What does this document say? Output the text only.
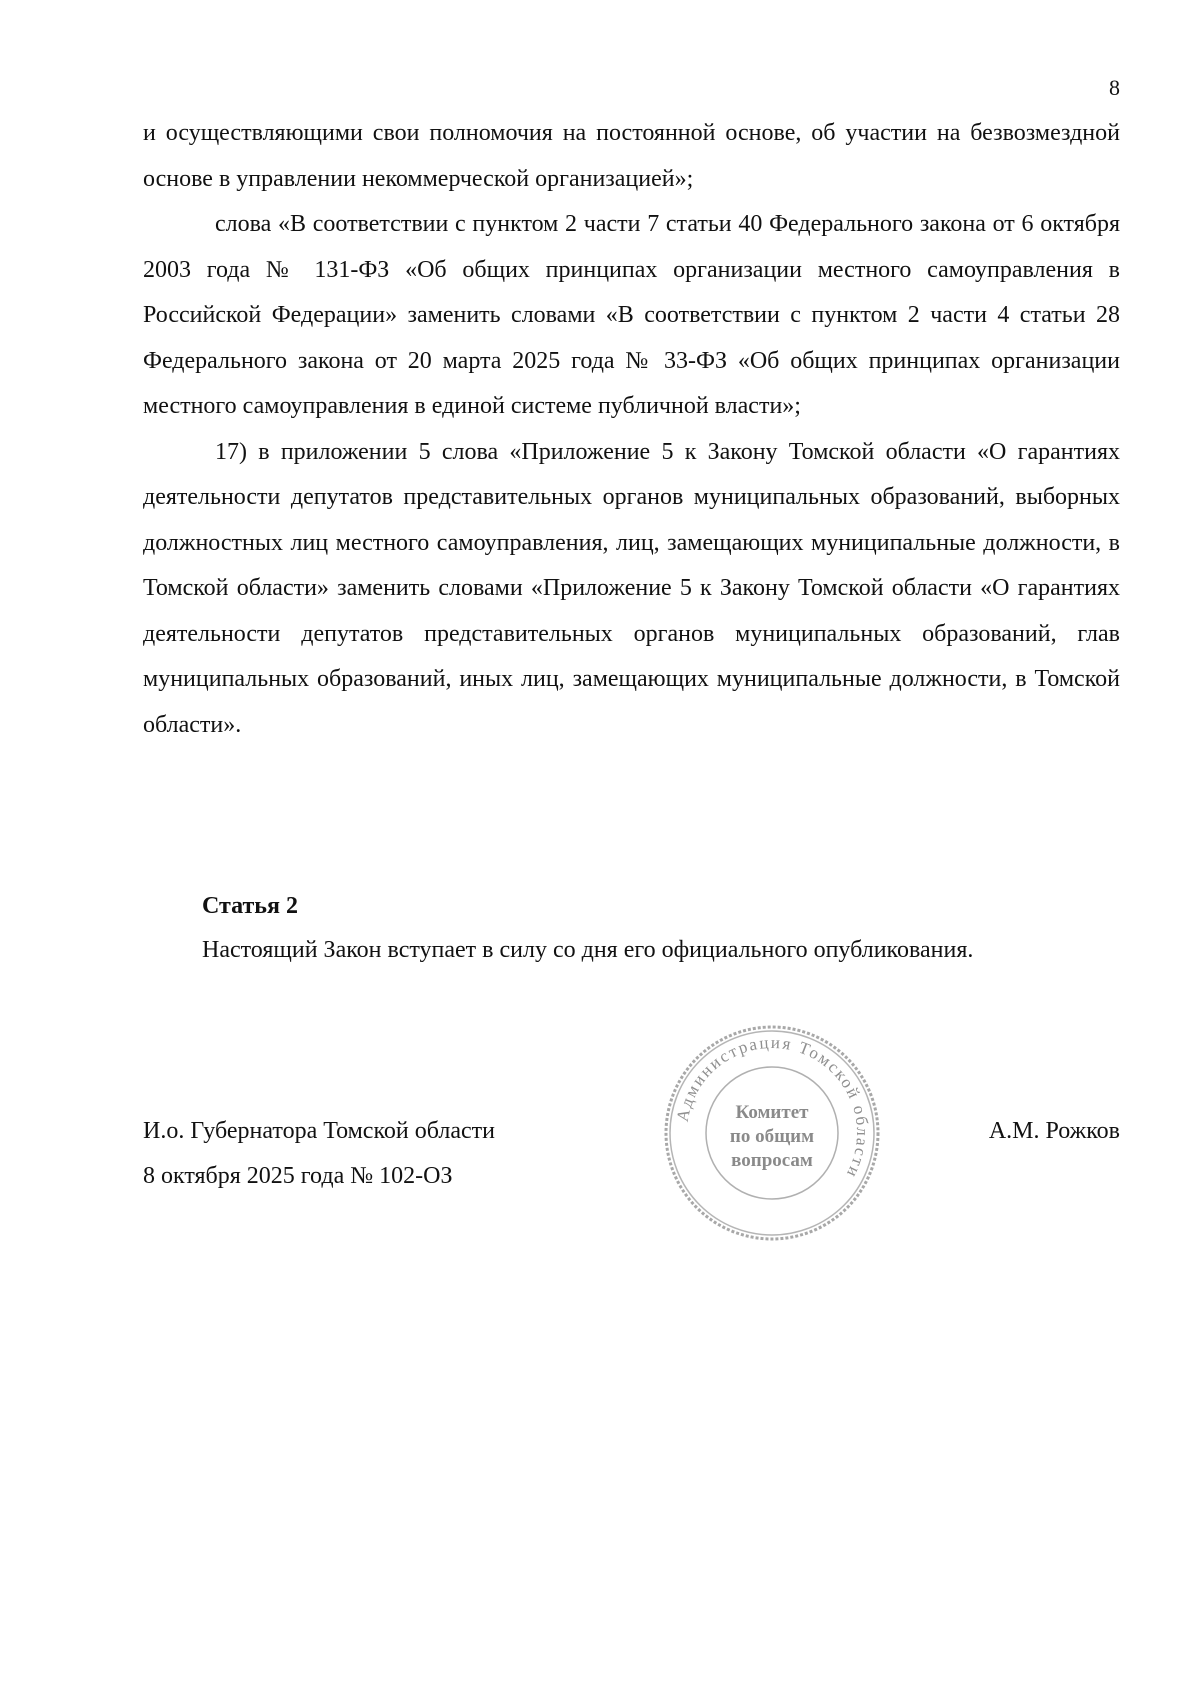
8

и осуществляющими свои полномочия на постоянной основе, об участии на безвозмездной основе в управлении некоммерческой организацией»;

слова «В соответствии с пунктом 2 части 7 статьи 40 Федерального закона от 6 октября 2003 года № 131-ФЗ «Об общих принципах организации местного самоуправления в Российской Федерации» заменить словами «В соответствии с пунктом 2 части 4 статьи 28 Федерального закона от 20 марта 2025 года № 33-ФЗ «Об общих принципах организации местного самоуправления в единой системе публичной власти»;

17) в приложении 5 слова «Приложение 5 к Закону Томской области «О гарантиях деятельности депутатов представительных органов муниципальных образований, выборных должностных лиц местного самоуправления, лиц, замещающих муниципальные должности, в Томской области» заменить словами «Приложение 5 к Закону Томской области «О гарантиях деятельности депутатов представительных органов муниципальных образований, глав муниципальных образований, иных лиц, замещающих муниципальные должности, в Томской области».

Статья 2

Настоящий Закон вступает в силу со дня его официального опубликования.

И.о. Губернатора Томской области
8 октября 2025 года № 102-ОЗ
А.М. Рожков
Администрация Томской области
Комитет
по общим
вопросам
